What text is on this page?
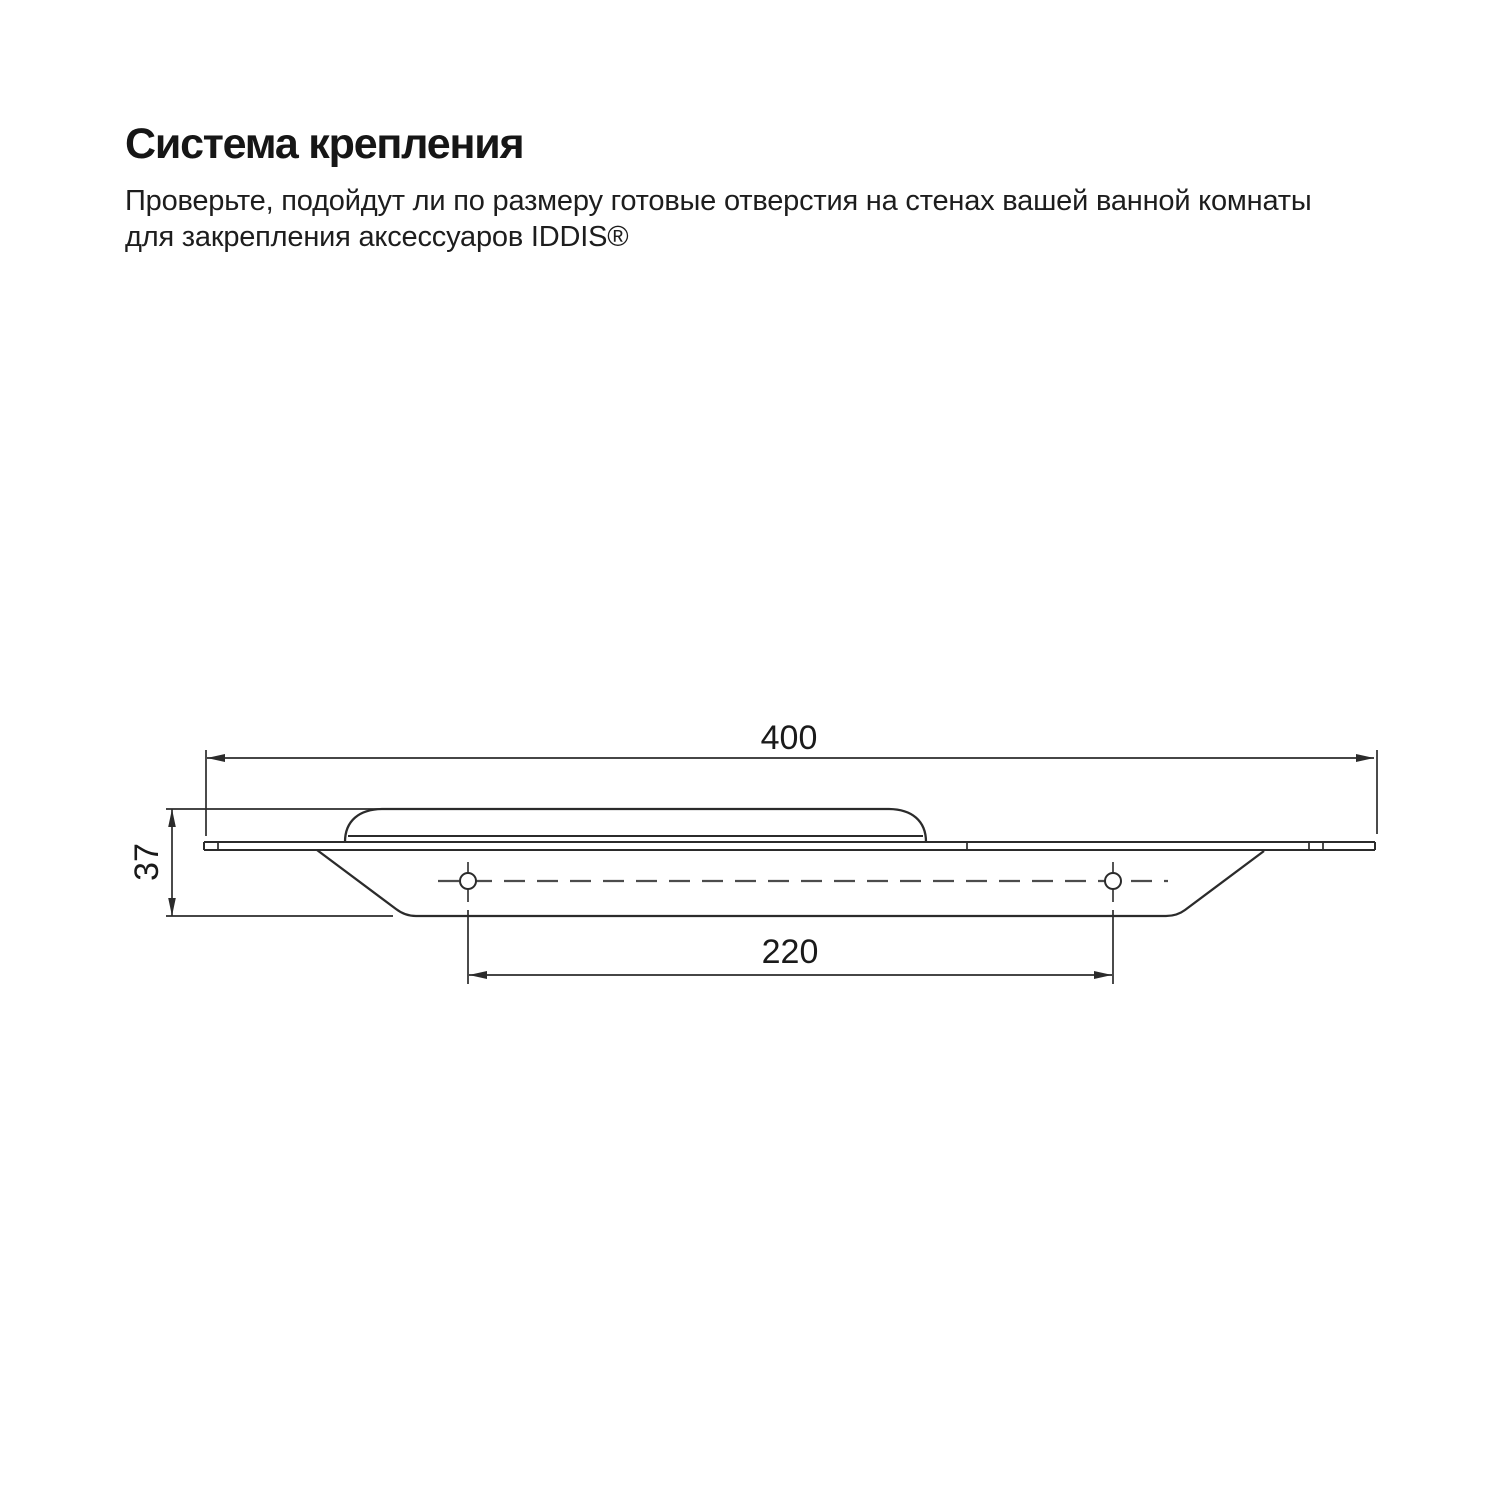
Система крепления

Проверьте, подойдут ли по размеру готовые отверстия на стенах вашей ванной комнаты

для закрепления аксессуаров IDDIS®

400
37
220
